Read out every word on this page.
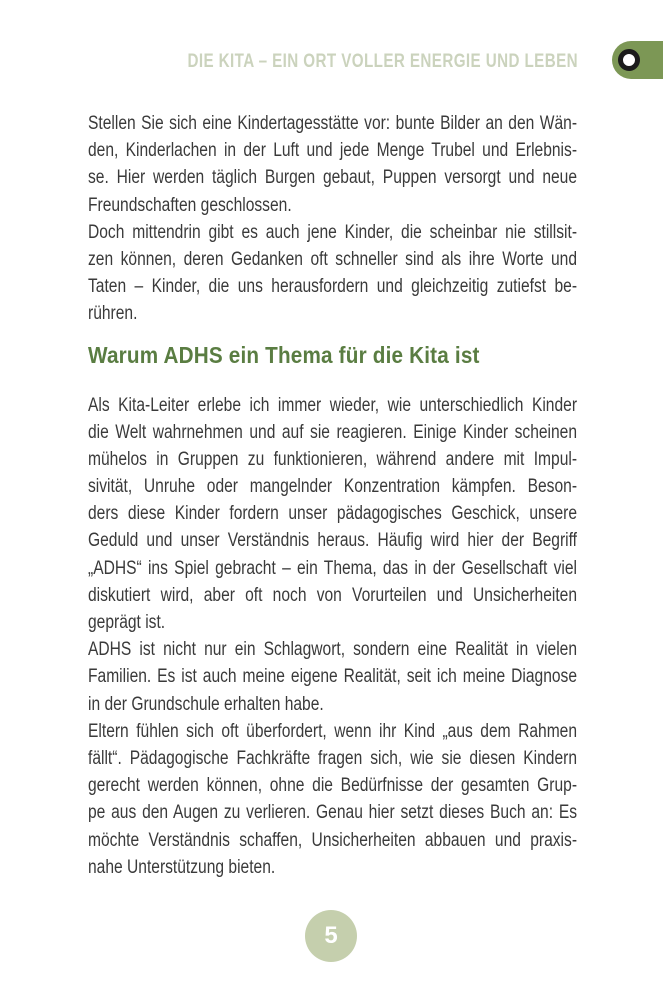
DIE KITA – EIN ORT VOLLER ENERGIE UND LEBEN

Stellen Sie sich eine Kindertagesstätte vor: bunte Bilder an den Wän-
den, Kinderlachen in der Luft und jede Menge Trubel und Erlebnis-
se. Hier werden täglich Burgen gebaut, Puppen versorgt und neue
Freundschaften geschlossen.

Doch mittendrin gibt es auch jene Kinder, die scheinbar nie stillsit-
zen können, deren Gedanken oft schneller sind als ihre Worte und
Taten – Kinder, die uns herausfordern und gleichzeitig zutiefst be-
rühren.

Warum ADHS ein Thema für die Kita ist

Als Kita-Leiter erlebe ich immer wieder, wie unterschiedlich Kinder
die Welt wahrnehmen und auf sie reagieren. Einige Kinder scheinen
mühelos in Gruppen zu funktionieren, während andere mit Impul-
sivität, Unruhe oder mangelnder Konzentration kämpfen. Beson-
ders diese Kinder fordern unser pädagogisches Geschick, unsere
Geduld und unser Verständnis heraus. Häufig wird hier der Begriff
„ADHS“ ins Spiel gebracht – ein Thema, das in der Gesellschaft viel
diskutiert wird, aber oft noch von Vorurteilen und Unsicherheiten
geprägt ist.

ADHS ist nicht nur ein Schlagwort, sondern eine Realität in vielen
Familien. Es ist auch meine eigene Realität, seit ich meine Diagnose
in der Grundschule erhalten habe.

Eltern fühlen sich oft überfordert, wenn ihr Kind „aus dem Rahmen
fällt“. Pädagogische Fachkräfte fragen sich, wie sie diesen Kindern
gerecht werden können, ohne die Bedürfnisse der gesamten Grup-
pe aus den Augen zu verlieren. Genau hier setzt dieses Buch an: Es
möchte Verständnis schaffen, Unsicherheiten abbauen und praxis-
nahe Unterstützung bieten.

5
